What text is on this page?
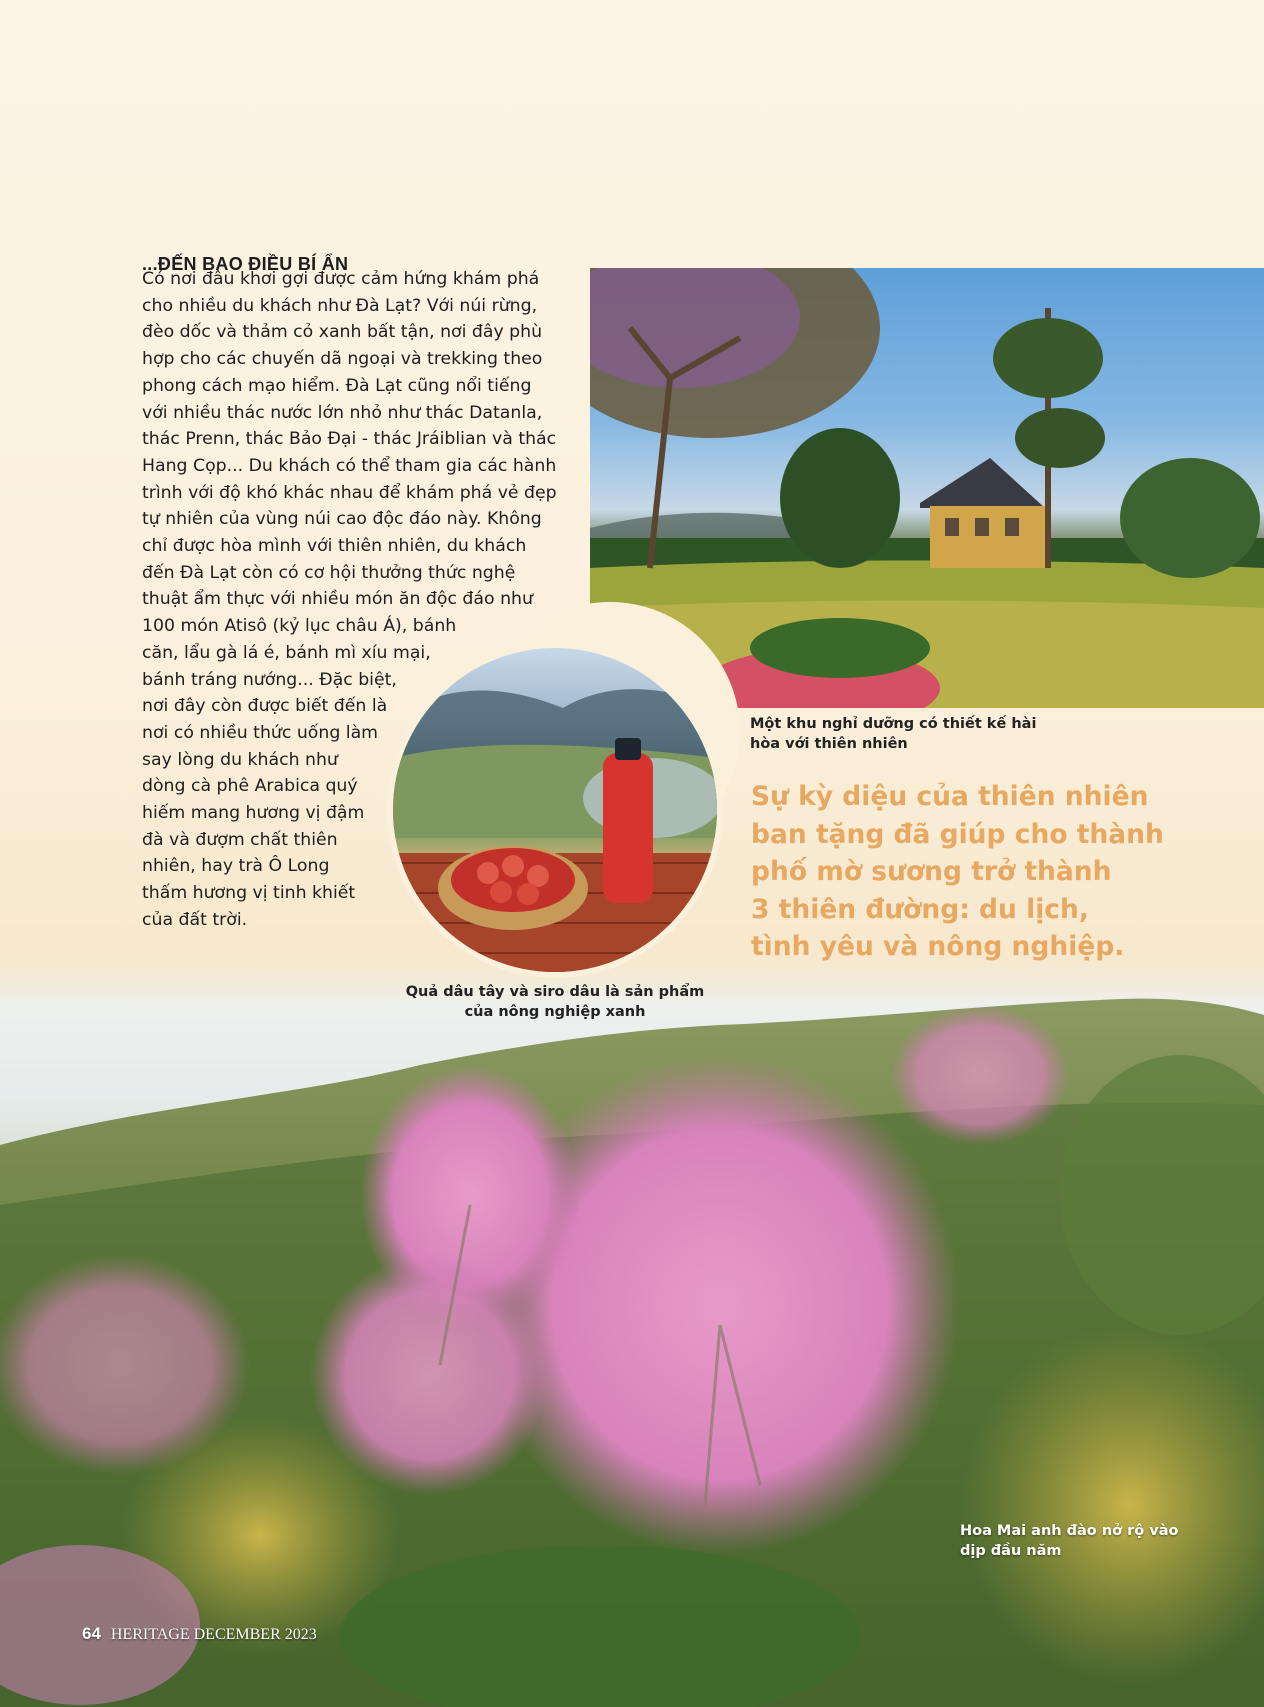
...ĐẾN BAO ĐIỀU BÍ ẨN

Có nơi đâu khơi gợi được cảm hứng khám phá
cho nhiều du khách như Đà Lạt? Với núi rừng,
đèo dốc và thảm cỏ xanh bất tận, nơi đây phù
hợp cho các chuyến dã ngoại và trekking theo
phong cách mạo hiểm. Đà Lạt cũng nổi tiếng
với nhiều thác nước lớn nhỏ như thác Datanla,
thác Prenn, thác Bảo Đại - thác Jráiblian và thác
Hang Cọp... Du khách có thể tham gia các hành
trình với độ khó khác nhau để khám phá vẻ đẹp
tự nhiên của vùng núi cao độc đáo này. Không
chỉ được hòa mình với thiên nhiên, du khách
đến Đà Lạt còn có cơ hội thưởng thức nghệ
thuật ẩm thực với nhiều món ăn độc đáo như
100 món Atisô (kỷ lục châu Á), bánh
căn, lẩu gà lá é, bánh mì xíu mại,
bánh tráng nướng... Đặc biệt,
nơi đây còn được biết đến là
nơi có nhiều thức uống làm
say lòng du khách như
dòng cà phê Arabica quý
hiếm mang hương vị đậm
đà và đượm chất thiên
nhiên, hay trà Ô Long
thấm hương vị tinh khiết
của đất trời.

Một khu nghỉ dưỡng có thiết kế hài hòa với thiên nhiên
Quả dâu tây và siro dâu là sản phẩm của nông nghiệp xanh
Hoa Mai anh đào nở rộ vào dịp đầu năm
Sự kỳ diệu của thiên nhiên
ban tặng đã giúp cho thành
phố mờ sương trở thành
3 thiên đường: du lịch,
tình yêu và nông nghiệp.
64 HERITAGE DECEMBER 2023
